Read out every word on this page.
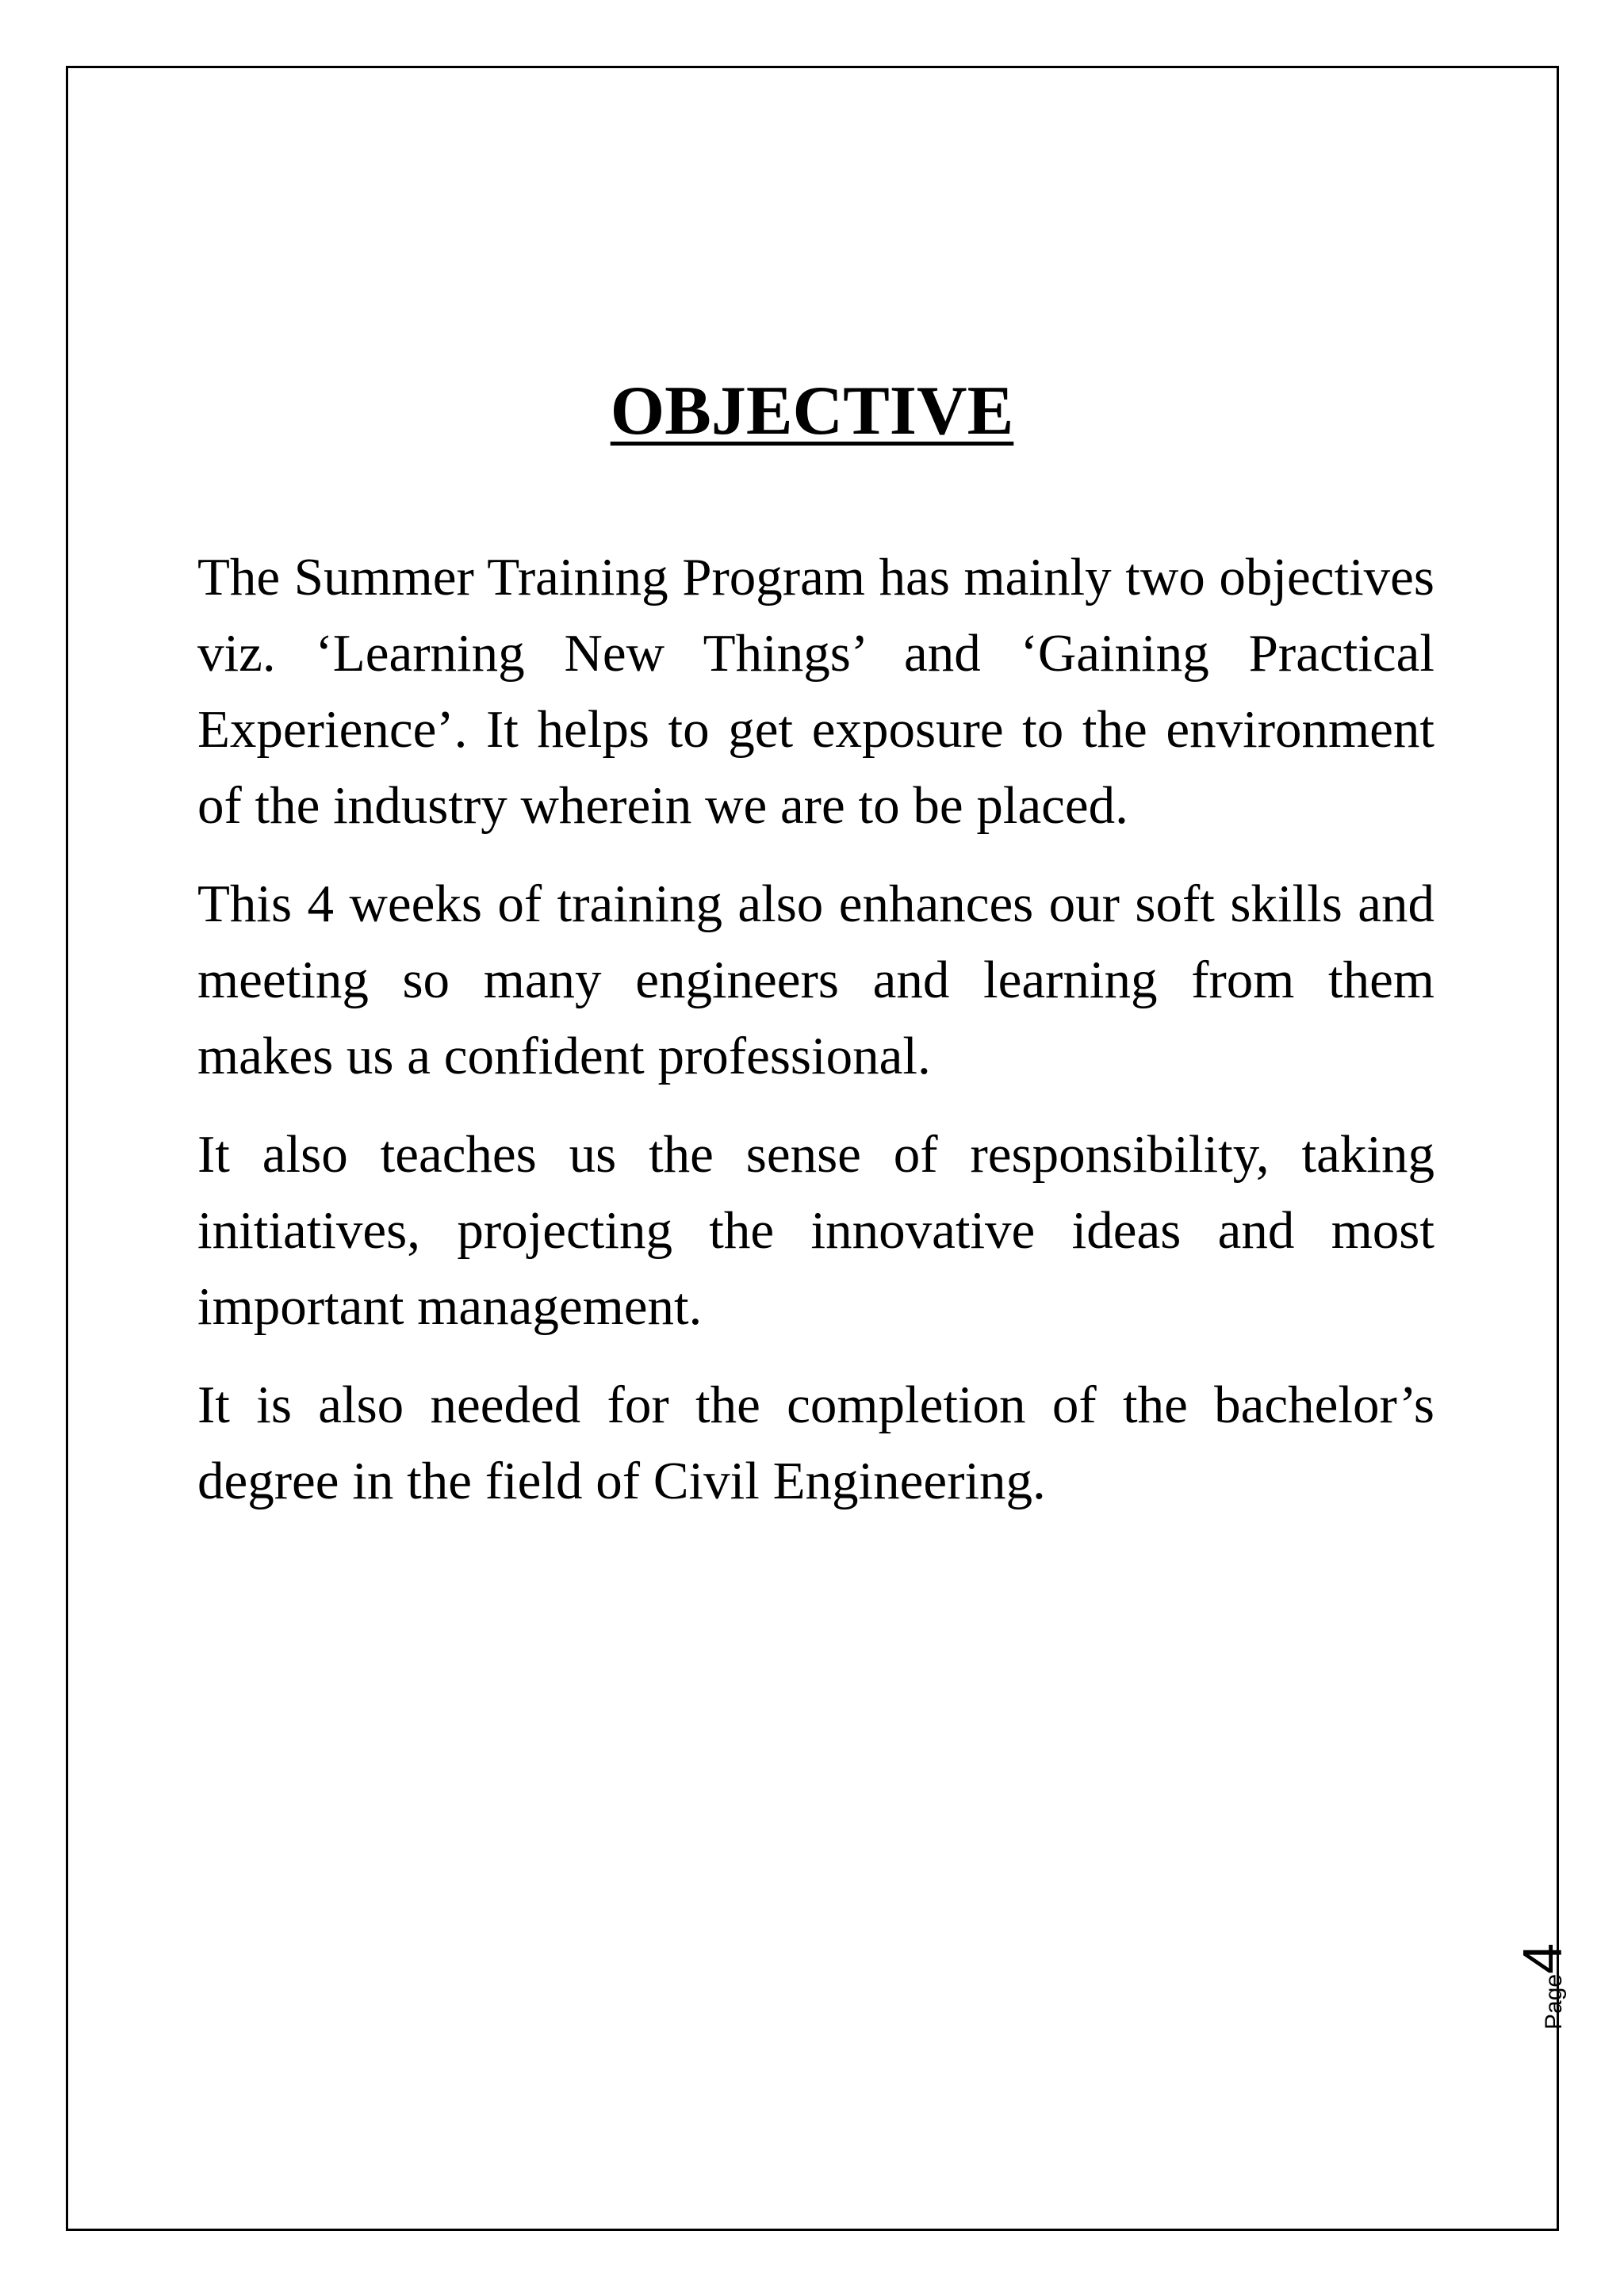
OBJECTIVE

The Summer Training Program has mainly two objectives viz. ‘Learning New Things’ and ‘Gaining Practical Experience’. It helps to get exposure to the environment of the industry wherein we are to be placed.

This 4 weeks of training also enhances our soft skills and meeting so many engineers and learning from them makes us a confident professional.

It also teaches us the sense of responsibility, taking initiatives, projecting the innovative ideas and most important management.

It is also needed for the completion of the bachelor’s degree in the field of Civil Engineering.

Page4
